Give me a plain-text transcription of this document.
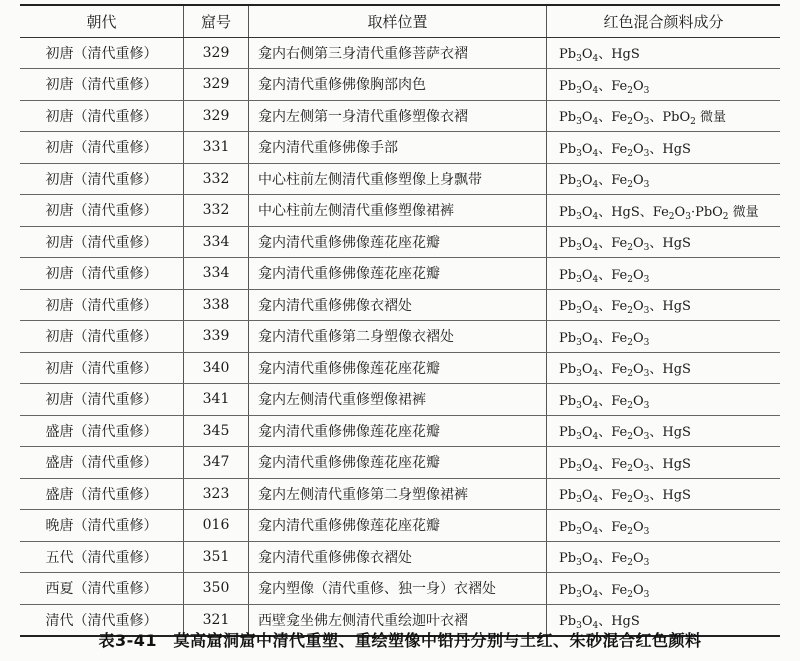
朝代	窟号	取样位置	红色混合颜料成分
初唐（清代重修）	329	龛内右侧第三身清代重修菩萨衣褶	$Pb_3O_4$、HgS
初唐（清代重修）	329	龛内清代重修佛像胸部肉色	$Pb_3O_4$、$Fe_2O_3$
初唐（清代重修）	329	龛内左侧第一身清代重修塑像衣褶	$Pb_3O_4$、$Fe_2O_3$、PbO$_2$ 微量
初唐（清代重修）	331	龛内清代重修佛像手部	$Pb_3O_4$、$Fe_2O_3$、HgS
初唐（清代重修）	332	中心柱前左侧清代重修塑像上身飘带	$Pb_3O_4$、$Fe_2O_3$
初唐（清代重修）	332	中心柱前左侧清代重修塑像裙裤	$Pb_3O_4$、HgS、$Fe_2O_3\cdot PbO_2$ 微量
初唐（清代重修）	334	龛内清代重修佛像莲花座花瓣	$Pb_3O_4$、$Fe_2O_3$、HgS
初唐（清代重修）	334	龛内清代重修佛像莲花座花瓣	$Pb_3O_4$、$Fe_2O_3$
初唐（清代重修）	338	龛内清代重修佛像衣褶处	$Pb_3O_4$、$Fe_2O_3$、HgS
初唐（清代重修）	339	龛内清代重修第二身塑像衣褶处	$Pb_3O_4$、$Fe_2O_3$
初唐（清代重修）	340	龛内清代重修佛像莲花座花瓣	$Pb_3O_4$、$Fe_2O_3$、HgS
初唐（清代重修）	341	龛内左侧清代重修塑像裙裤	$Pb_3O_4$、$Fe_2O_3$
盛唐（清代重修）	345	龛内清代重修佛像莲花座花瓣	$Pb_3O_4$、$Fe_2O_3$、HgS
盛唐（清代重修）	347	龛内清代重修佛像莲花座花瓣	$Pb_3O_4$、$Fe_2O_3$、HgS
盛唐（清代重修）	323	龛内左侧清代重修第二身塑像裙裤	$Pb_3O_4$、$Fe_2O_3$、HgS
晚唐（清代重修）	016	龛内清代重修佛像莲花座花瓣	$Pb_3O_4$、$Fe_2O_3$
五代（清代重修）	351	龛内清代重修佛像衣褶处	$Pb_3O_4$、$Fe_2O_3$
西夏（清代重修）	350	龛内塑像（清代重修、独一身）衣褶处	$Pb_3O_4$、$Fe_2O_3$
清代（清代重修）	321	西壁龛坐佛左侧清代重绘迦叶衣褶	$Pb_3O_4$、HgS
表3-41　莫高窟洞窟中清代重塑、重绘塑像中铅丹分别与土红、朱砂混合红色颜料
